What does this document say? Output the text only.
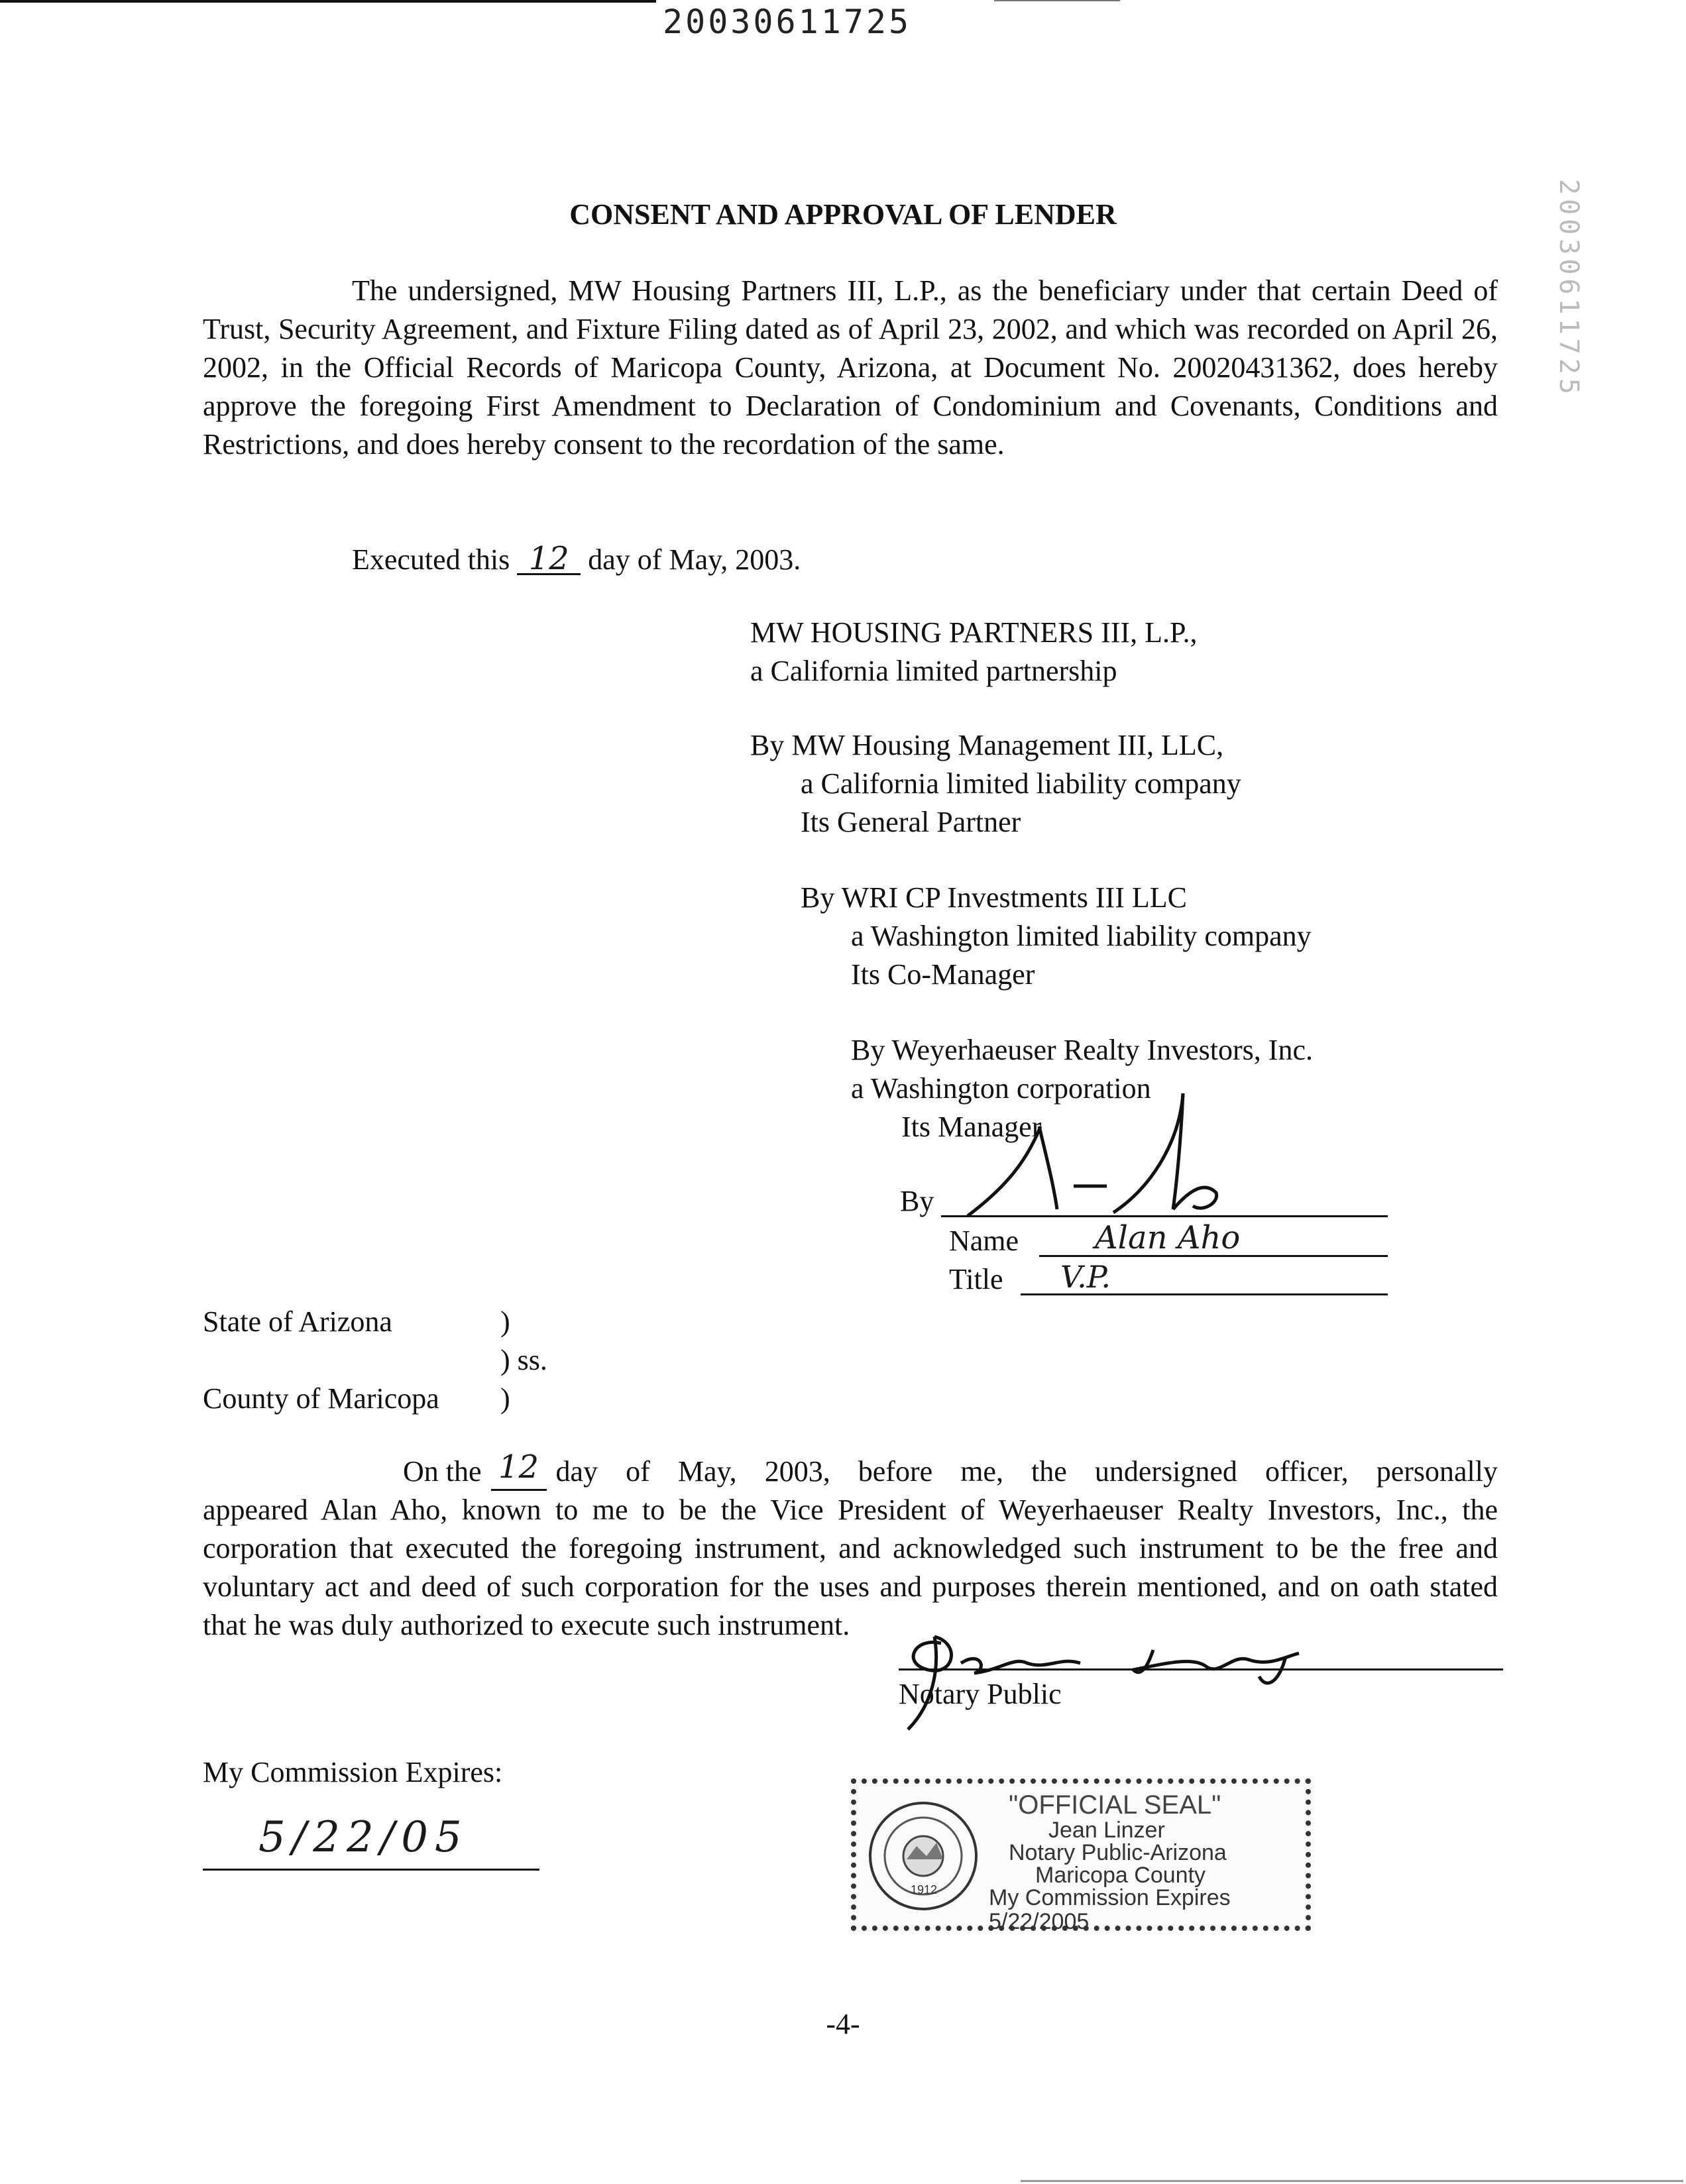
20030611725
20030611725
CONSENT AND APPROVAL OF LENDER
The undersigned, MW Housing Partners III, L.P., as the beneficiary under that certain Deed of Trust, Security Agreement, and Fixture Filing dated as of April 23, 2002, and which was recorded on April 26, 2002, in the Official Records of Maricopa County, Arizona, at Document No. 20020431362, does hereby approve the foregoing First Amendment to Declaration of Condominium and Covenants, Conditions and Restrictions, and does hereby consent to the recordation of the same.
Executed this 12 day of May, 2003.
MW HOUSING PARTNERS III, L.P.,
a California limited partnership
By MW Housing Management III, LLC,
a California limited liability company
Its General Partner
By WRI CP Investments III LLC
a Washington limited liability company
Its Co-Manager
By Weyerhaeuser Realty Investors, Inc.
a Washington corporation
Its Manager
By
Name Alan Aho
Title V.P.
State of Arizona	)
) ss.
County of Maricopa )
On the 12 day of May, 2003, before me, the undersigned officer, personally
appeared Alan Aho, known to me to be the Vice President of Weyerhaeuser Realty Investors, Inc., the corporation that executed the foregoing instrument, and acknowledged such instrument to be the free and voluntary act and deed of such corporation for the uses and purposes therein mentioned, and on oath stated that he was duly authorized to execute such instrument.
Notary Public
My Commission Expires:
5/22/05
1912
"OFFICIAL SEAL"
Jean Linzer
Notary Public-Arizona
Maricopa County
My Commission Expires 5/22/2005
-4-
